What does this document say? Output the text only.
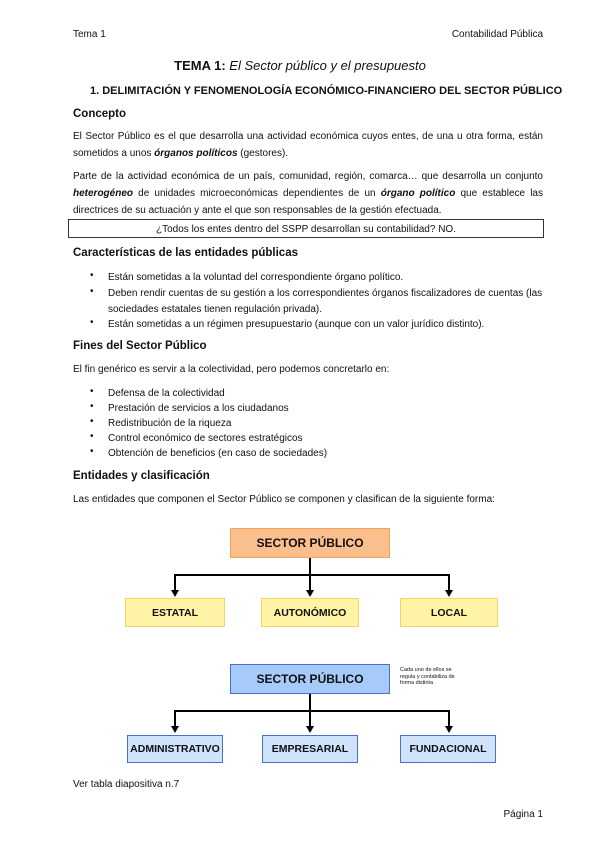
Tema 1	Contabilidad Pública
TEMA 1: El Sector público y el presupuesto
1. DELIMITACIÓN Y FENOMENOLOGÍA ECONÓMICO-FINANCIERO DEL SECTOR PÚBLICO
Concepto
El Sector Público es el que desarrolla una actividad económica cuyos entes, de una u otra forma, están sometidos a unos órganos políticos (gestores).
Parte de la actividad económica de un país, comunidad, región, comarca… que desarrolla un conjunto heterogéneo de unidades microeconómicas dependientes de un órgano político que establece las directrices de su actuación y ante el que son responsables de la gestión efectuada.
¿Todos los entes dentro del SSPP desarrollan su contabilidad? NO.
Características de las entidades públicas
• Están sometidas a la voluntad del correspondiente órgano político.
• Deben rendir cuentas de su gestión a los correspondientes órganos fiscalizadores de cuentas (las sociedades estatales tienen regulación privada).
• Están sometidas a un régimen presupuestario (aunque con un valor jurídico distinto).
Fines del Sector Público
El fin genérico es servir a la colectividad, pero podemos concretarlo en:
• Defensa de la colectividad
• Prestación de servicios a los ciudadanos
• Redistribución de la riqueza
• Control económico de sectores estratégicos
• Obtención de beneficios (en caso de sociedades)
Entidades y clasificación
Las entidades que componen el Sector Público se componen y clasifican de la siguiente forma:
SECTOR PÚBLICO
ESTATAL	AUTONÓMICO	LOCAL
SECTOR PÚBLICO
Cada uno de ellos se regula y contabiliza de forma distinta
ADMINISTRATIVO	EMPRESARIAL	FUNDACIONAL
Ver tabla diapositiva n.7
Página 1
